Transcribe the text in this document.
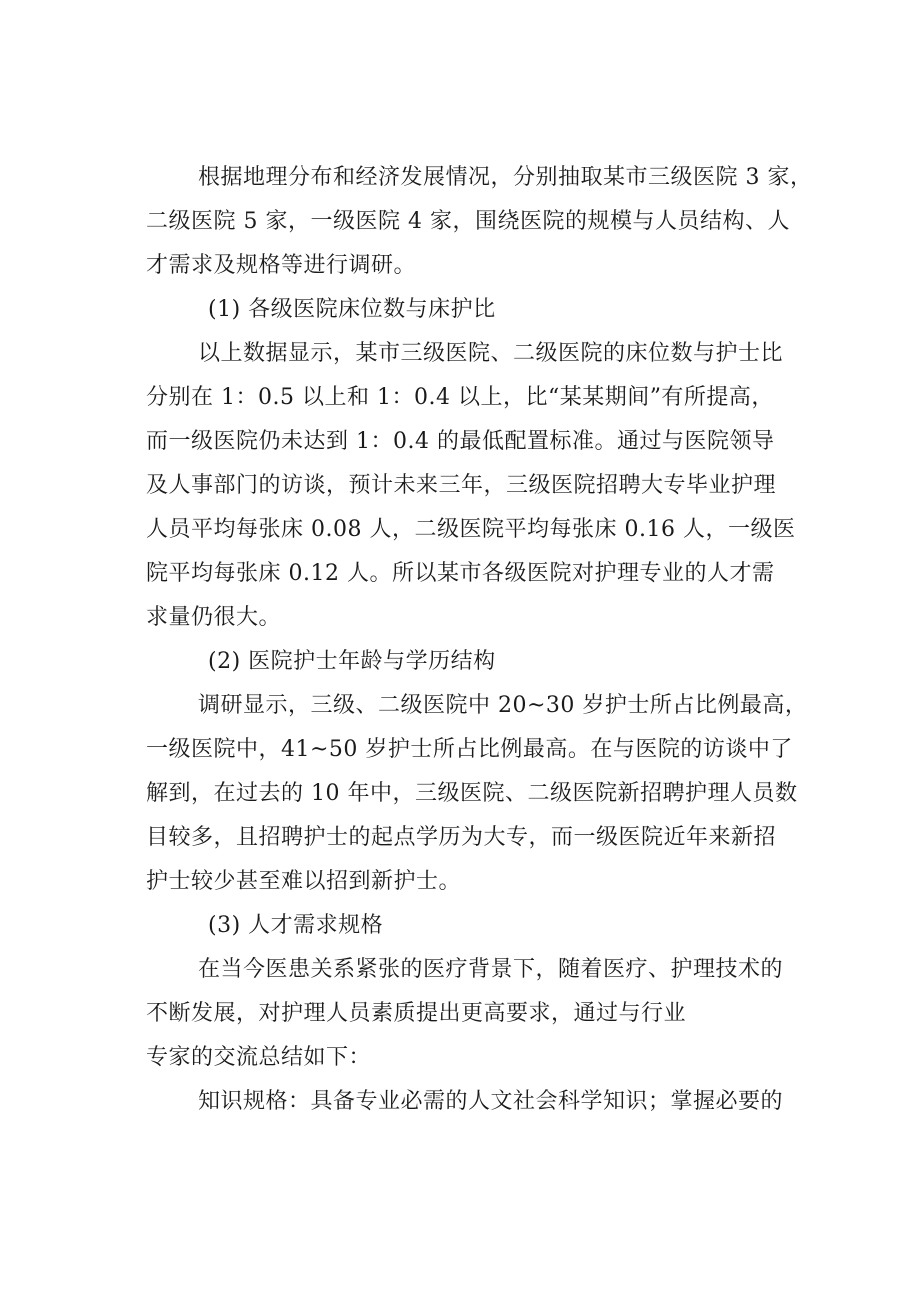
根据地理分布和经济发展情况，分别抽取某市三级医院 3 家，
二级医院 5 家，一级医院 4 家，围绕医院的规模与人员结构、人
才需求及规格等进行调研。
(1) 各级医院床位数与床护比
以上数据显示，某市三级医院、二级医院的床位数与护士比
分别在 1：0.5 以上和 1：0.4 以上，比“某某期间”有所提高，
而一级医院仍未达到 1：0.4 的最低配置标准。通过与医院领导
及人事部门的访谈，预计未来三年，三级医院招聘大专毕业护理
人员平均每张床 0.08 人，二级医院平均每张床 0.16 人，一级医
院平均每张床 0.12 人。所以某市各级医院对护理专业的人才需
求量仍很大。
(2) 医院护士年龄与学历结构
调研显示，三级、二级医院中 20~30 岁护士所占比例最高，
一级医院中，41~50 岁护士所占比例最高。在与医院的访谈中了
解到，在过去的 10 年中，三级医院、二级医院新招聘护理人员数
目较多，且招聘护士的起点学历为大专，而一级医院近年来新招
护士较少甚至难以招到新护士。
(3) 人才需求规格
在当今医患关系紧张的医疗背景下，随着医疗、护理技术的
不断发展，对护理人员素质提出更高要求，通过与行业
专家的交流总结如下：
知识规格：具备专业必需的人文社会科学知识；掌握必要的
